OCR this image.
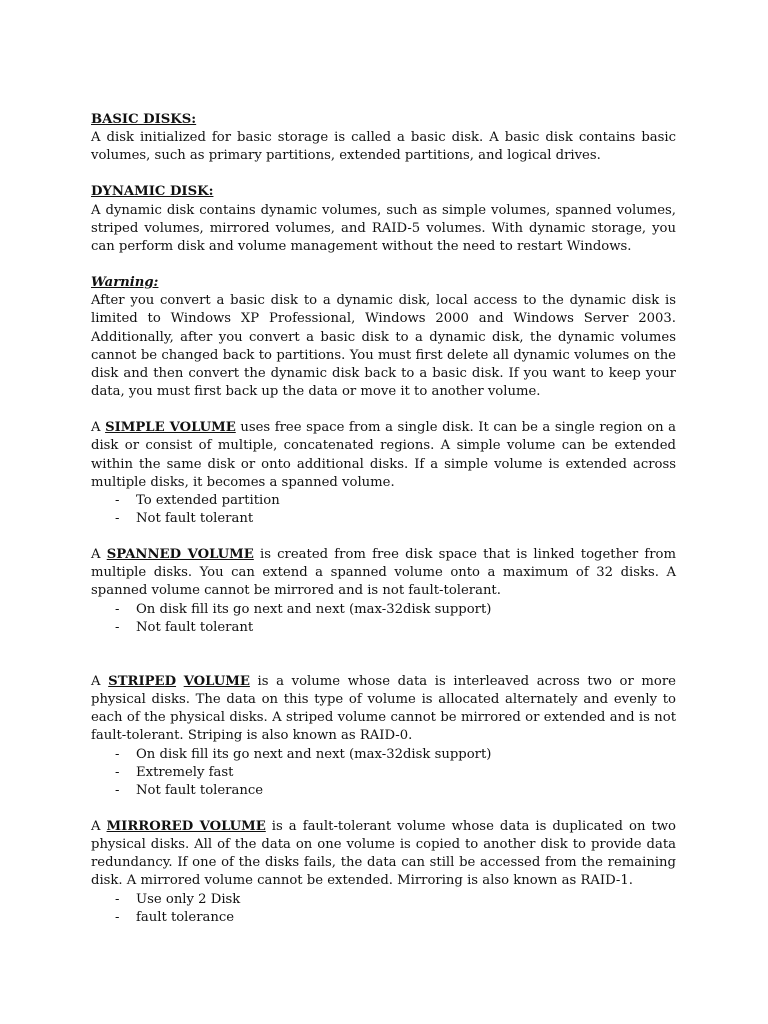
BASIC DISKS:

A disk initialized for basic storage is called a basic disk. A basic disk contains basic volumes, such as primary partitions, extended partitions, and logical drives.

DYNAMIC DISK:

A dynamic disk contains dynamic volumes, such as simple volumes, spanned volumes, striped volumes, mirrored volumes, and RAID-5 volumes. With dynamic storage, you can perform disk and volume management without the need to restart Windows.

Warning:

After you convert a basic disk to a dynamic disk, local access to the dynamic disk is limited to Windows XP Professional, Windows 2000 and Windows Server 2003. Additionally, after you convert a basic disk to a dynamic disk, the dynamic volumes cannot be changed back to partitions. You must first delete all dynamic volumes on the disk and then convert the dynamic disk back to a basic disk. If you want to keep your data, you must first back up the data or move it to another volume.

A SIMPLE VOLUME uses free space from a single disk. It can be a single region on a disk or consist of multiple, concatenated regions. A simple volume can be extended within the same disk or onto additional disks. If a simple volume is extended across multiple disks, it becomes a spanned volume.

- To extended partition
- Not fault tolerant

A SPANNED VOLUME is created from free disk space that is linked together from multiple disks. You can extend a spanned volume onto a maximum of 32 disks. A spanned volume cannot be mirrored and is not fault-tolerant.

- On disk fill its go next and next (max-32disk support)
- Not fault tolerant

A STRIPED VOLUME is a volume whose data is interleaved across two or more physical disks. The data on this type of volume is allocated alternately and evenly to each of the physical disks. A striped volume cannot be mirrored or extended and is not fault-tolerant. Striping is also known as RAID-0.

- On disk fill its go next and next (max-32disk support)
- Extremely fast
- Not fault tolerance

A MIRRORED VOLUME is a fault-tolerant volume whose data is duplicated on two physical disks. All of the data on one volume is copied to another disk to provide data redundancy. If one of the disks fails, the data can still be accessed from the remaining disk. A mirrored volume cannot be extended. Mirroring is also known as RAID-1.

- Use only 2 Disk
- fault tolerance
